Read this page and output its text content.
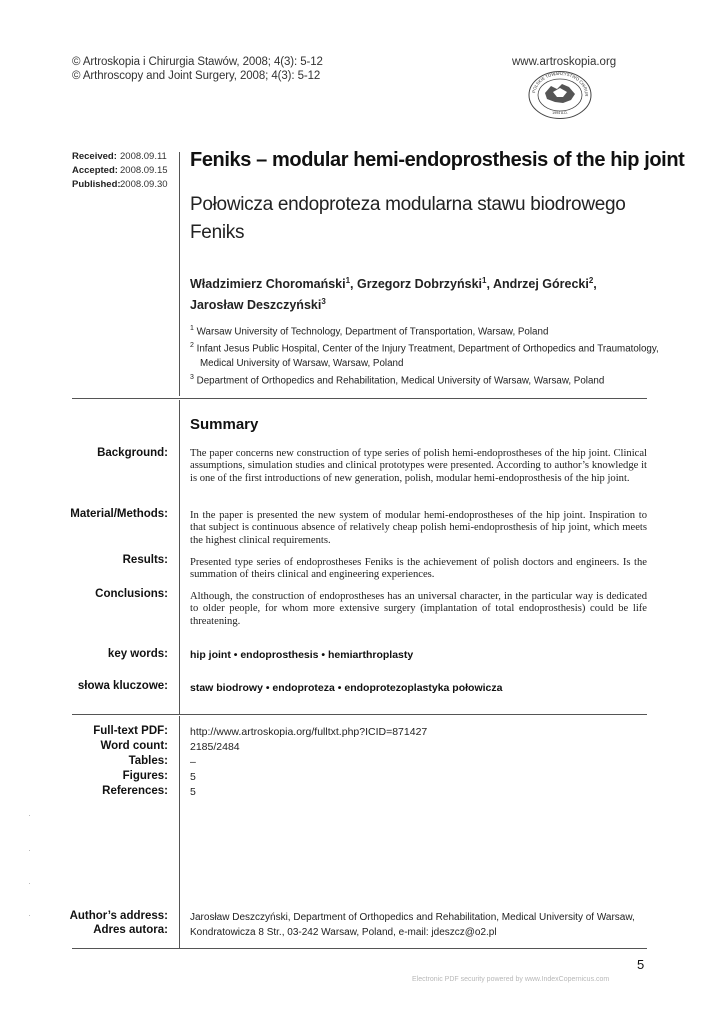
© Artroskopia i Chirurgia Stawów, 2008; 4(3): 5-12
© Arthroscopy and Joint Surgery, 2008; 4(3): 5-12
www.artroskopia.org
POLSKIE TOWARZYSTWO CHIRUR
1994 A.D.
Received: 2008.09.11
Accepted: 2008.09.15
Published: 2008.09.30
Feniks – modular hemi-endoprosthesis of the hip joint
Połowicza endoproteza modularna stawu biodrowego
Feniks
Władzimierz Choromański$^1$, Grzegorz Dobrzyński$^1$, Andrzej Górecki$^2$,
Jarosław Deszczyński$^3$
$^1$ Warsaw University of Technology, Department of Transportation, Warsaw, Poland
$^2$ Infant Jesus Public Hospital, Center of the Injury Treatment, Department of Orthopedics and Traumatology,
Medical University of Warsaw, Warsaw, Poland
$^3$ Department of Orthopedics and Rehabilitation, Medical University of Warsaw, Warsaw, Poland
Summary
Background: The paper concerns new construction of type series of polish hemi-endoprostheses of the hip joint. Clinical assumptions, simulation studies and clinical prototypes were presented. According to author’s knowledge it is one of the first introductions of new generation, polish, modular hemi-endoprosthesis of the hip joint.
Material/Methods: In the paper is presented the new system of modular hemi-endoprostheses of the hip joint. Inspiration to that subject is continuous absence of relatively cheap polish hemi-endoprosthesis of hip joint, which meets the highest clinical requirements.
Results: Presented type series of endoprostheses Feniks is the achievement of polish doctors and engineers. Is the summation of theirs clinical and engineering experiences.
Conclusions: Although, the construction of endoprostheses has an universal character, in the particular way is dedicated to older people, for whom more extensive surgery (implantation of total endoprosthesis) could be life threatening.
key words: hip joint • endoprosthesis • hemiarthroplasty
słowa kluczowe: staw biodrowy • endoproteza • endoprotezoplastyka połowicza
Full-text PDF: http://www.artroskopia.org/fulltxt.php?ICID=871427
Word count: 2185/2484
Tables: –
Figures: 5
References: 5
Author’s address:
Adres autora:
Jarosław Deszczyński, Department of Orthopedics and Rehabilitation, Medical University of Warsaw,
Kondratowicza 8 Str., 03-242 Warsaw, Poland, e-mail: jdeszcz@o2.pl
5
Electronic PDF security powered by www.IndexCopernicus.com
